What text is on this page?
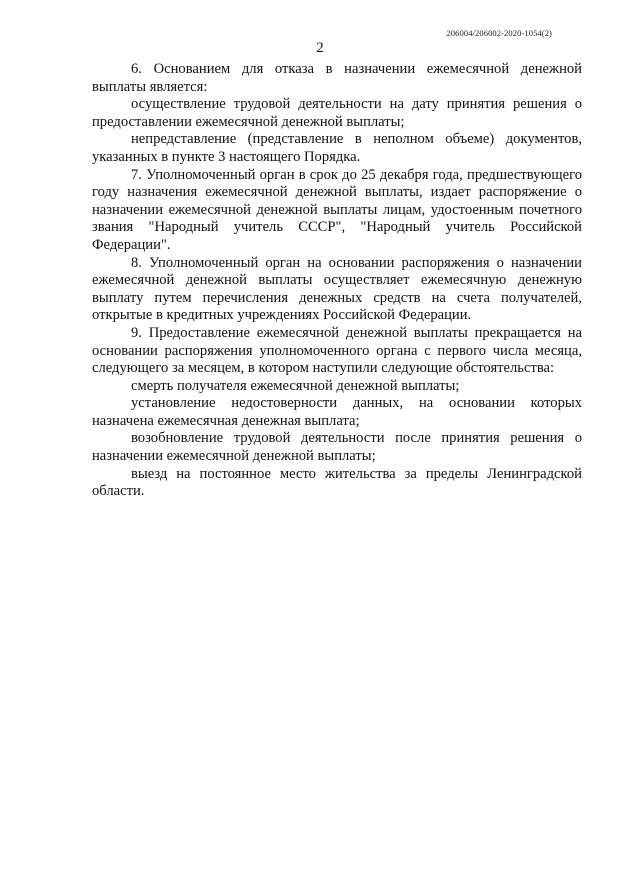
206004/206002-2020-1054(2)
2

6. Основанием для отказа в назначении ежемесячной денежной выплаты является:

осуществление трудовой деятельности на дату принятия решения о предоставлении ежемесячной денежной выплаты;

непредставление (представление в неполном объеме) документов, указанных в пункте 3 настоящего Порядка.

7. Уполномоченный орган в срок до 25 декабря года, предшествующего году назначения ежемесячной денежной выплаты, издает распоряжение о назначении ежемесячной денежной выплаты лицам, удостоенным почетного звания "Народный учитель СССР", "Народный учитель Российской Федерации".

8. Уполномоченный орган на основании распоряжения о назначении ежемесячной денежной выплаты осуществляет ежемесячную денежную выплату путем перечисления денежных средств на счета получателей, открытые в кредитных учреждениях Российской Федерации.

9. Предоставление ежемесячной денежной выплаты прекращается на основании распоряжения уполномоченного органа с первого числа месяца, следующего за месяцем, в котором наступили следующие обстоятельства:

смерть получателя ежемесячной денежной выплаты;

установление недостоверности данных, на основании которых назначена ежемесячная денежная выплата;

возобновление трудовой деятельности после принятия решения о назначении ежемесячной денежной выплаты;

выезд на постоянное место жительства за пределы Ленинградской области.
